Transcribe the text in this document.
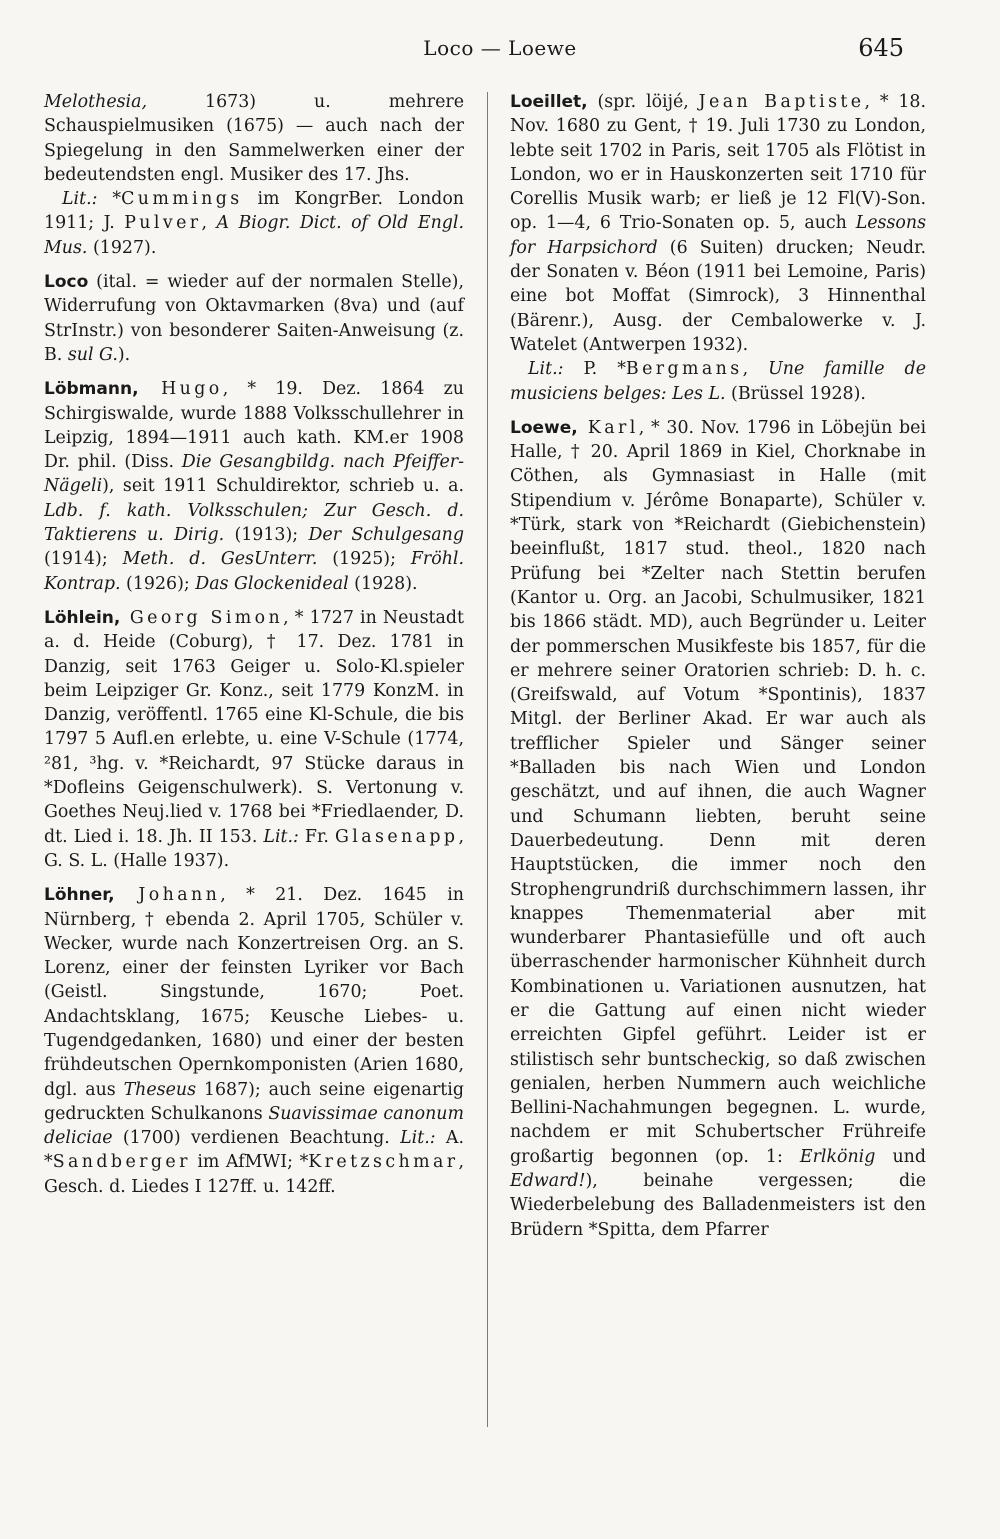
Loco — Loewe	645
Melothesia, 1673) u. mehrere Schauspielmusiken (1675) — auch nach der Spiegelung in den Sammelwerken einer der bedeutendsten engl. Musiker des 17. Jhs.
Lit.: *Cummings im KongrBer. London 1911; J. Pulver, A Biogr. Dict. of Old Engl. Mus. (1927).
Loco (ital. = wieder auf der normalen Stelle), Widerrufung von Oktavmarken (8va) und (auf StrInstr.) von besonderer Saiten-Anweisung (z. B. sul G.).
Löbmann, Hugo, * 19. Dez. 1864 zu Schirgiswalde, wurde 1888 Volksschullehrer in Leipzig, 1894—1911 auch kath. KM.er 1908 Dr. phil. (Diss. Die Gesangbildg. nach Pfeiffer-Nägeli), seit 1911 Schuldirektor, schrieb u. a. Ldb. f. kath. Volksschulen; Zur Gesch. d. Taktierens u. Dirig. (1913); Der Schulgesang (1914); Meth. d. GesUnterr. (1925); Fröhl. Kontrap. (1926); Das Glockenideal (1928).
Löhlein, Georg Simon, * 1727 in Neustadt a. d. Heide (Coburg), † 17. Dez. 1781 in Danzig, seit 1763 Geiger u. Solo-Kl.spieler beim Leipziger Gr. Konz., seit 1779 KonzM. in Danzig, veröffentl. 1765 eine Kl-Schule, die bis 1797 5 Aufl.en erlebte, u. eine V-Schule (1774, ²81, ³hg. v. *Reichardt, 97 Stücke daraus in *Dofleins Geigenschulwerk). S. Vertonung v. Goethes Neuj.lied v. 1768 bei *Friedlaender, D. dt. Lied i. 18. Jh. II 153. Lit.: Fr. Glasenapp, G. S. L. (Halle 1937).
Löhner, Johann, * 21. Dez. 1645 in Nürnberg, † ebenda 2. April 1705, Schüler v. Wecker, wurde nach Konzertreisen Org. an S. Lorenz, einer der feinsten Lyriker vor Bach (Geistl. Singstunde, 1670; Poet. Andachtsklang, 1675; Keusche Liebes- u. Tugendgedanken, 1680) und einer der besten frühdeutschen Opernkomponisten (Arien 1680, dgl. aus Theseus 1687); auch seine eigenartig gedruckten Schulkanons Suavissimae canonum deliciae (1700) verdienen Beachtung. Lit.: A. *Sandberger im AfMWI; *Kretzschmar, Gesch. d. Liedes I 127ff. u. 142ff.
Loeillet, (spr. löijé, Jean Baptiste, * 18. Nov. 1680 zu Gent, † 19. Juli 1730 zu London, lebte seit 1702 in Paris, seit 1705 als Flötist in London, wo er in Hauskonzerten seit 1710 für Corellis Musik warb; er ließ je 12 Fl(V)-Son. op. 1—4, 6 Trio-Sonaten op. 5, auch Lessons for Harpsichord (6 Suiten) drucken; Neudr. der Sonaten v. Béon (1911 bei Lemoine, Paris) eine bot Moffat (Simrock), 3 Hinnenthal (Bärenr.), Ausg. der Cembalowerke v. J. Watelet (Antwerpen 1932).
Lit.: P. *Bergmans, Une famille de musiciens belges: Les L. (Brüssel 1928).
Loewe, Karl, * 30. Nov. 1796 in Löbejün bei Halle, † 20. April 1869 in Kiel, Chorknabe in Cöthen, als Gymnasiast in Halle (mit Stipendium v. Jérôme Bonaparte), Schüler v. *Türk, stark von *Reichardt (Giebichenstein) beeinflußt, 1817 stud. theol., 1820 nach Prüfung bei *Zelter nach Stettin berufen (Kantor u. Org. an Jacobi, Schulmusiker, 1821 bis 1866 städt. MD), auch Begründer u. Leiter der pommerschen Musikfeste bis 1857, für die er mehrere seiner Oratorien schrieb: D. h. c. (Greifswald, auf Votum *Spontinis), 1837 Mitgl. der Berliner Akad. Er war auch als trefflicher Spieler und Sänger seiner *Balladen bis nach Wien und London geschätzt, und auf ihnen, die auch Wagner und Schumann liebten, beruht seine Dauerbedeutung. Denn mit deren Hauptstücken, die immer noch den Strophengrundriß durchschimmern lassen, ihr knappes Themenmaterial aber mit wunderbarer Phantasiefülle und oft auch überraschender harmonischer Kühnheit durch Kombinationen u. Variationen ausnutzen, hat er die Gattung auf einen nicht wieder erreichten Gipfel geführt. Leider ist er stilistisch sehr buntscheckig, so daß zwischen genialen, herben Nummern auch weichliche Bellini-Nachahmungen begegnen. L. wurde, nachdem er mit Schubertscher Frühreife großartig begonnen (op. 1: Erlkönig und Edward!), beinahe vergessen; die Wiederbelebung des Balladenmeisters ist den Brüdern *Spitta, dem Pfarrer
